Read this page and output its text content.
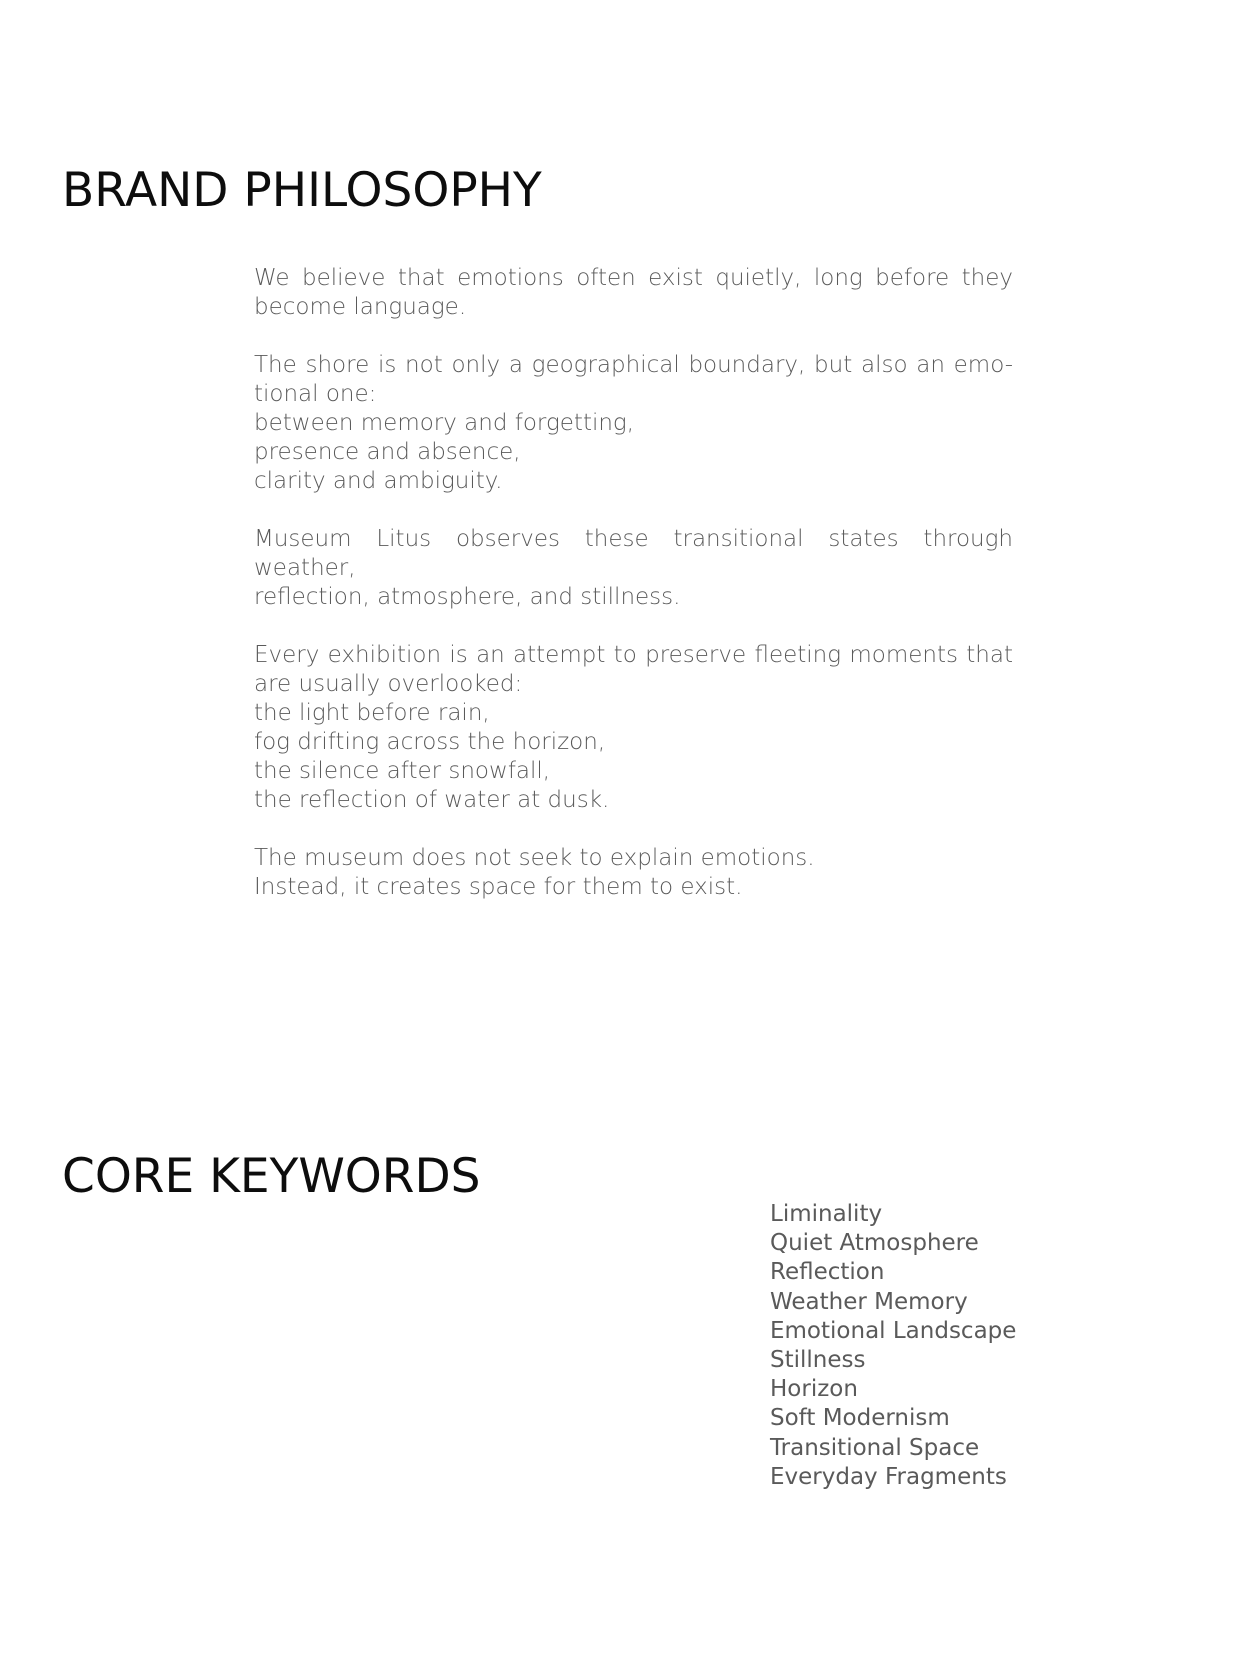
BRAND PHILOSOPHY

We believe that emotions often exist quietly, long before they
become language.

The shore is not only a geographical boundary, but also an emo-
tional one:
between memory and forgetting,
presence and absence,
clarity and ambiguity.

Museum Litus observes these transitional states through weather,
reflection, atmosphere, and stillness.

Every exhibition is an attempt to preserve fleeting moments that
are usually overlooked:
the light before rain,
fog drifting across the horizon,
the silence after snowfall,
the reflection of water at dusk.

The museum does not seek to explain emotions.
Instead, it creates space for them to exist.

CORE KEYWORDS
Liminality
Quiet Atmosphere
Reflection
Weather Memory
Emotional Landscape
Stillness
Horizon
Soft Modernism
Transitional Space
Everyday Fragments
